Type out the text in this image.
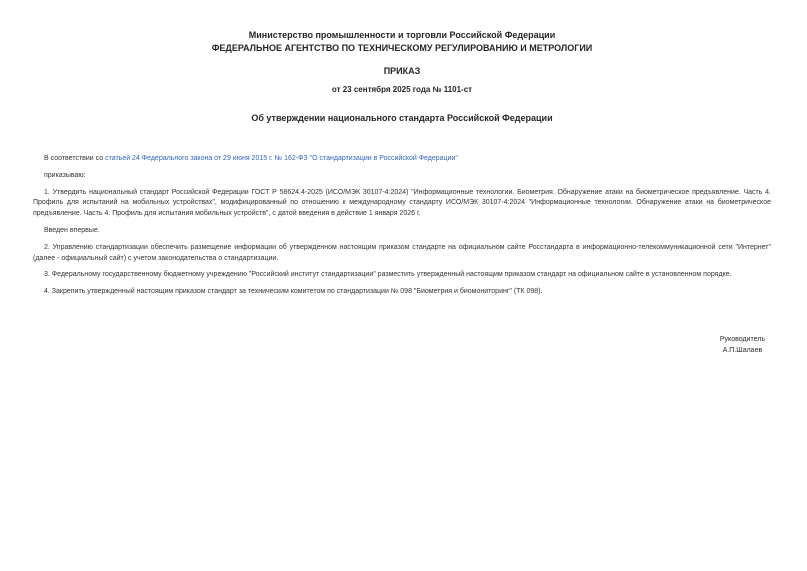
Министерство промышленности и торговли Российской Федерации
ФЕДЕРАЛЬНОЕ АГЕНТСТВО ПО ТЕХНИЧЕСКОМУ РЕГУЛИРОВАНИЮ И МЕТРОЛОГИИ
ПРИКАЗ
от 23 сентября 2025 года № 1101-ст
Об утверждении национального стандарта Российской Федерации

В соответствии со статьей 24 Федерального закона от 29 июня 2015 г. № 162-ФЗ "О стандартизации в Российской Федерации"

приказываю:

1. Утвердить национальный стандарт Российской Федерации ГОСТ Р 58624.4-2025 (ИСО/МЭК 30107-4:2024) "Информационные технологии. Биометрия. Обнаружение атаки на биометрическое предъявление. Часть 4. Профиль для испытаний на мобильных устройствах", модифицированный по отношению к международному стандарту ИСО/МЭК 30107-4:2024 "Информационные технологии. Обнаружение атаки на биометрическое предъявление. Часть 4. Профиль для испытания мобильных устройств", с датой введения в действие 1 января 2026 г.

Введен впервые.

2. Управлению стандартизации обеспечить размещение информации об утвержденном настоящим приказом стандарте на официальном сайте Росстандарта в информационно-телекоммуникационной сети "Интернет" (далее - официальный сайт) с учетом законодательства о стандартизации.

3. Федеральному государственному бюджетному учреждению "Российский институт стандартизации" разместить утвержденный настоящим приказом стандарт на официальном сайте в установленном порядке.

4. Закрепить утвержденный настоящим приказом стандарт за техническим комитетом по стандартизации № 098 "Биометрия и биомониторинг" (ТК 098).

Руководитель
А.П.Шалаев
